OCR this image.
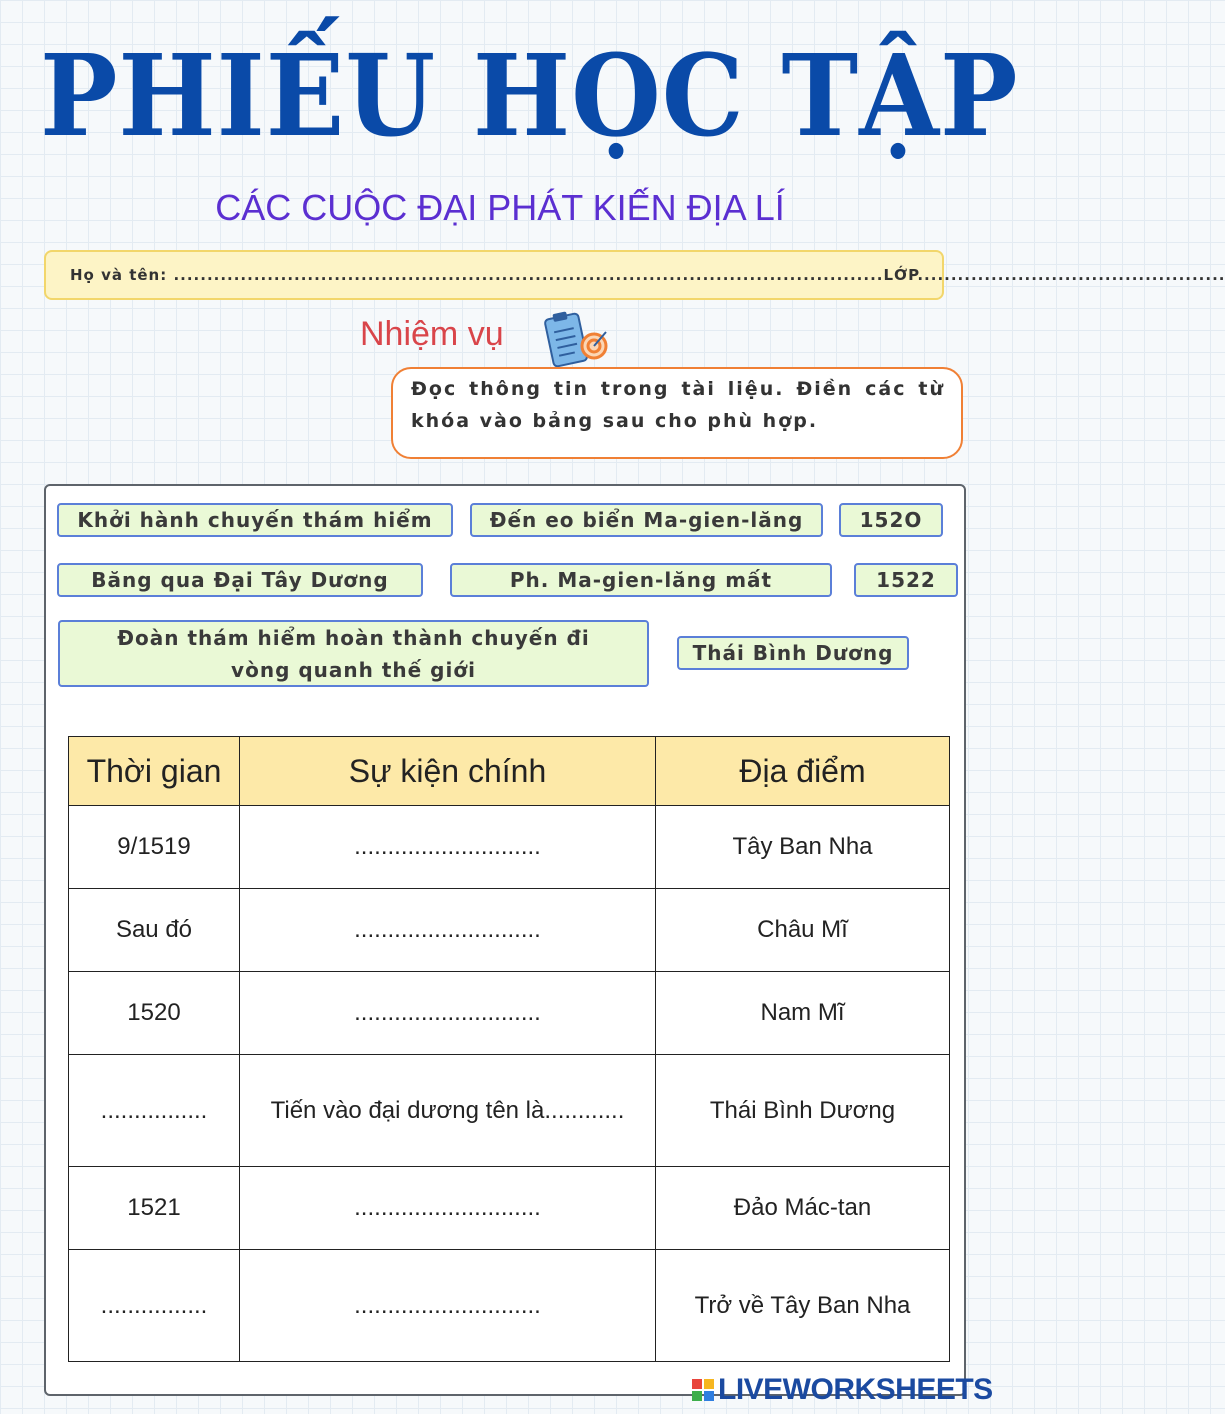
PHIẾU HỌC TẬP
CÁC CUỘC ĐẠI PHÁT KIẾN ĐỊA LÍ
Họ và tên: ..........................................................................................................LỚP..............................................
Nhiệm vụ
Đọc thông tin trong tài liệu. Điền các từ khóa vào bảng sau cho phù hợp.
Khởi hành chuyến thám hiểm	Đến eo biển Ma-gien-lăng	152O
Băng qua Đại Tây Dương	Ph. Ma-gien-lăng mất	1522
Đoàn thám hiểm hoàn thành chuyến đi vòng quanh thế giới
Thái Bình Dương
Thời gian	Sự kiện chính	Địa điểm
9/1519	............................	Tây Ban Nha
Sau đó	............................	Châu Mĩ
1520	............................	Nam Mĩ
................	Tiến vào đại dương tên là............	Thái Bình Dương
1521	............................	Đảo Mác-tan
................	............................	Trở về Tây Ban Nha
LIVEWORKSHEETS
